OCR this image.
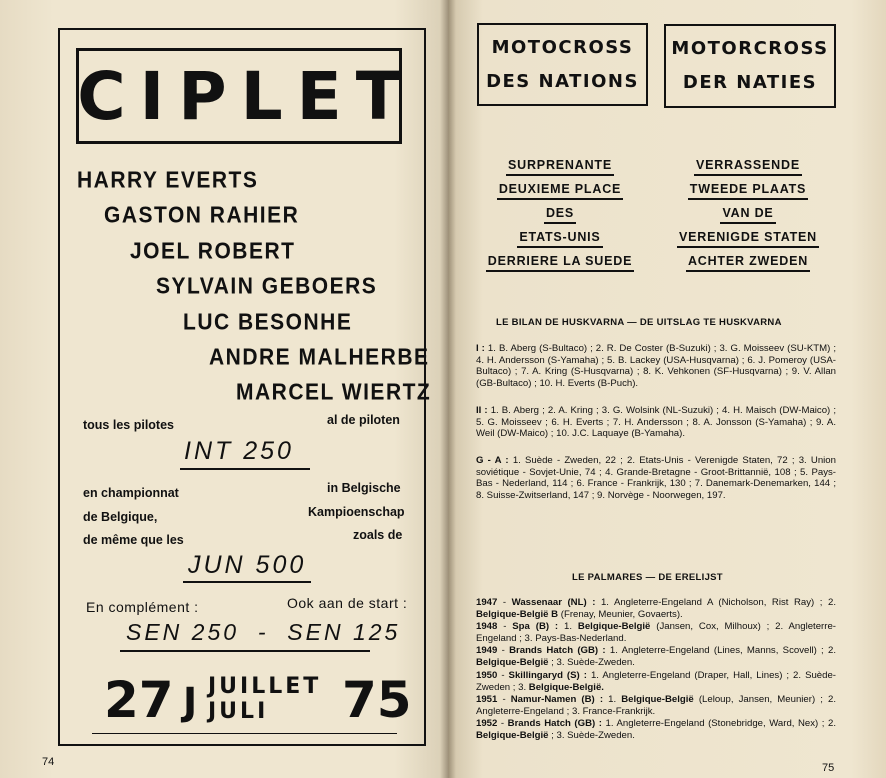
CIPLET
HARRY EVERTS
GASTON RAHIER
JOEL ROBERT
SYLVAIN GEBOERS
LUC BESONHE
ANDRE MALHERBE
MARCEL WIERTZ
tous les pilotes	al de piloten
INT 250
en championnat
de Belgique,
de même que les
in Belgische
Kampioenschap
zoals de
JUN 500
En complément :	Ook aan de start :
SEN 250  -  SEN 125
27 J JUILLET
JULI 75
74
MOTOCROSS
DES NATIONS
MOTORCROSS
DER NATIES
SURPRENANTE
DEUXIEME PLACE
DES
ETATS-UNIS
DERRIERE LA SUEDE
VERRASSENDE
TWEEDE PLAATS
VAN DE
VERENIGDE STATEN
ACHTER ZWEDEN
LE BILAN DE HUSKVARNA — DE UITSLAG TE HUSKVARNA
LE PALMARES — DE ERELIJST
75
I : 1. B. Aberg (S-Bultaco) ; 2. R. De Coster (B-Suzuki) ; 3. G. Moisseev (SU-KTM) ; 4. H. Andersson (S-Yamaha) ; 5. B. Lackey (USA-Husqvarna) ; 6. J. Pomeroy (USA-Bultaco) ; 7. A. Kring (S-Husqvarna) ; 8. K. Vehkonen (SF-Husqvarna) ; 9. V. Allan (GB-Bultaco) ; 10. H. Everts (B-Puch).
II : 1. B. Aberg ; 2. A. Kring ; 3. G. Wolsink (NL-Suzuki) ; 4. H. Maisch (DW-Maico) ; 5. G. Moisseev ; 6. H. Everts ; 7. H. Andersson ; 8. A. Jonsson (S-Yamaha) ; 9. A. Weil (DW-Maico) ; 10. J.C. Laquaye (B-Yamaha).
G - A : 1. Suède - Zweden, 22 ; 2. Etats-Unis - Verenigde Staten, 72 ; 3. Union soviétique - Sovjet-Unie, 74 ; 4. Grande-Bretagne - Groot-Brittannië, 108 ; 5. Pays-Bas - Nederland, 114 ; 6. France - Frankrijk, 130 ; 7. Danemark-Denemarken, 144 ; 8. Suisse-Zwitserland, 147 ; 9. Norvège - Noorwegen, 197.
1947 - Wassenaar (NL) : 1. Angleterre-Engeland A (Nicholson, Rist Ray) ; 2. Belgique-België B (Frenay, Meunier, Govaerts).
1948 - Spa (B) : 1. Belgique-België (Jansen, Cox, Milhoux) ; 2. Angleterre-Engeland ; 3. Pays-Bas-Nederland.
1949 - Brands Hatch (GB) : 1. Angleterre-Engeland (Lines, Manns, Scovell) ; 2. Belgique-België ; 3. Suède-Zweden.
1950 - Skillingaryd (S) : 1. Angleterre-Engeland (Draper, Hall, Lines) ; 2. Suède-Zweden ; 3. Belgique-België.
1951 - Namur-Namen (B) : 1. Belgique-België (Leloup, Jansen, Meunier) ; 2. Angleterre-Engeland ; 3. France-Frankrijk.
1952 - Brands Hatch (GB) : 1. Angleterre-Engeland (Stonebridge, Ward, Nex) ; 2. Belgique-België ; 3. Suède-Zweden.
